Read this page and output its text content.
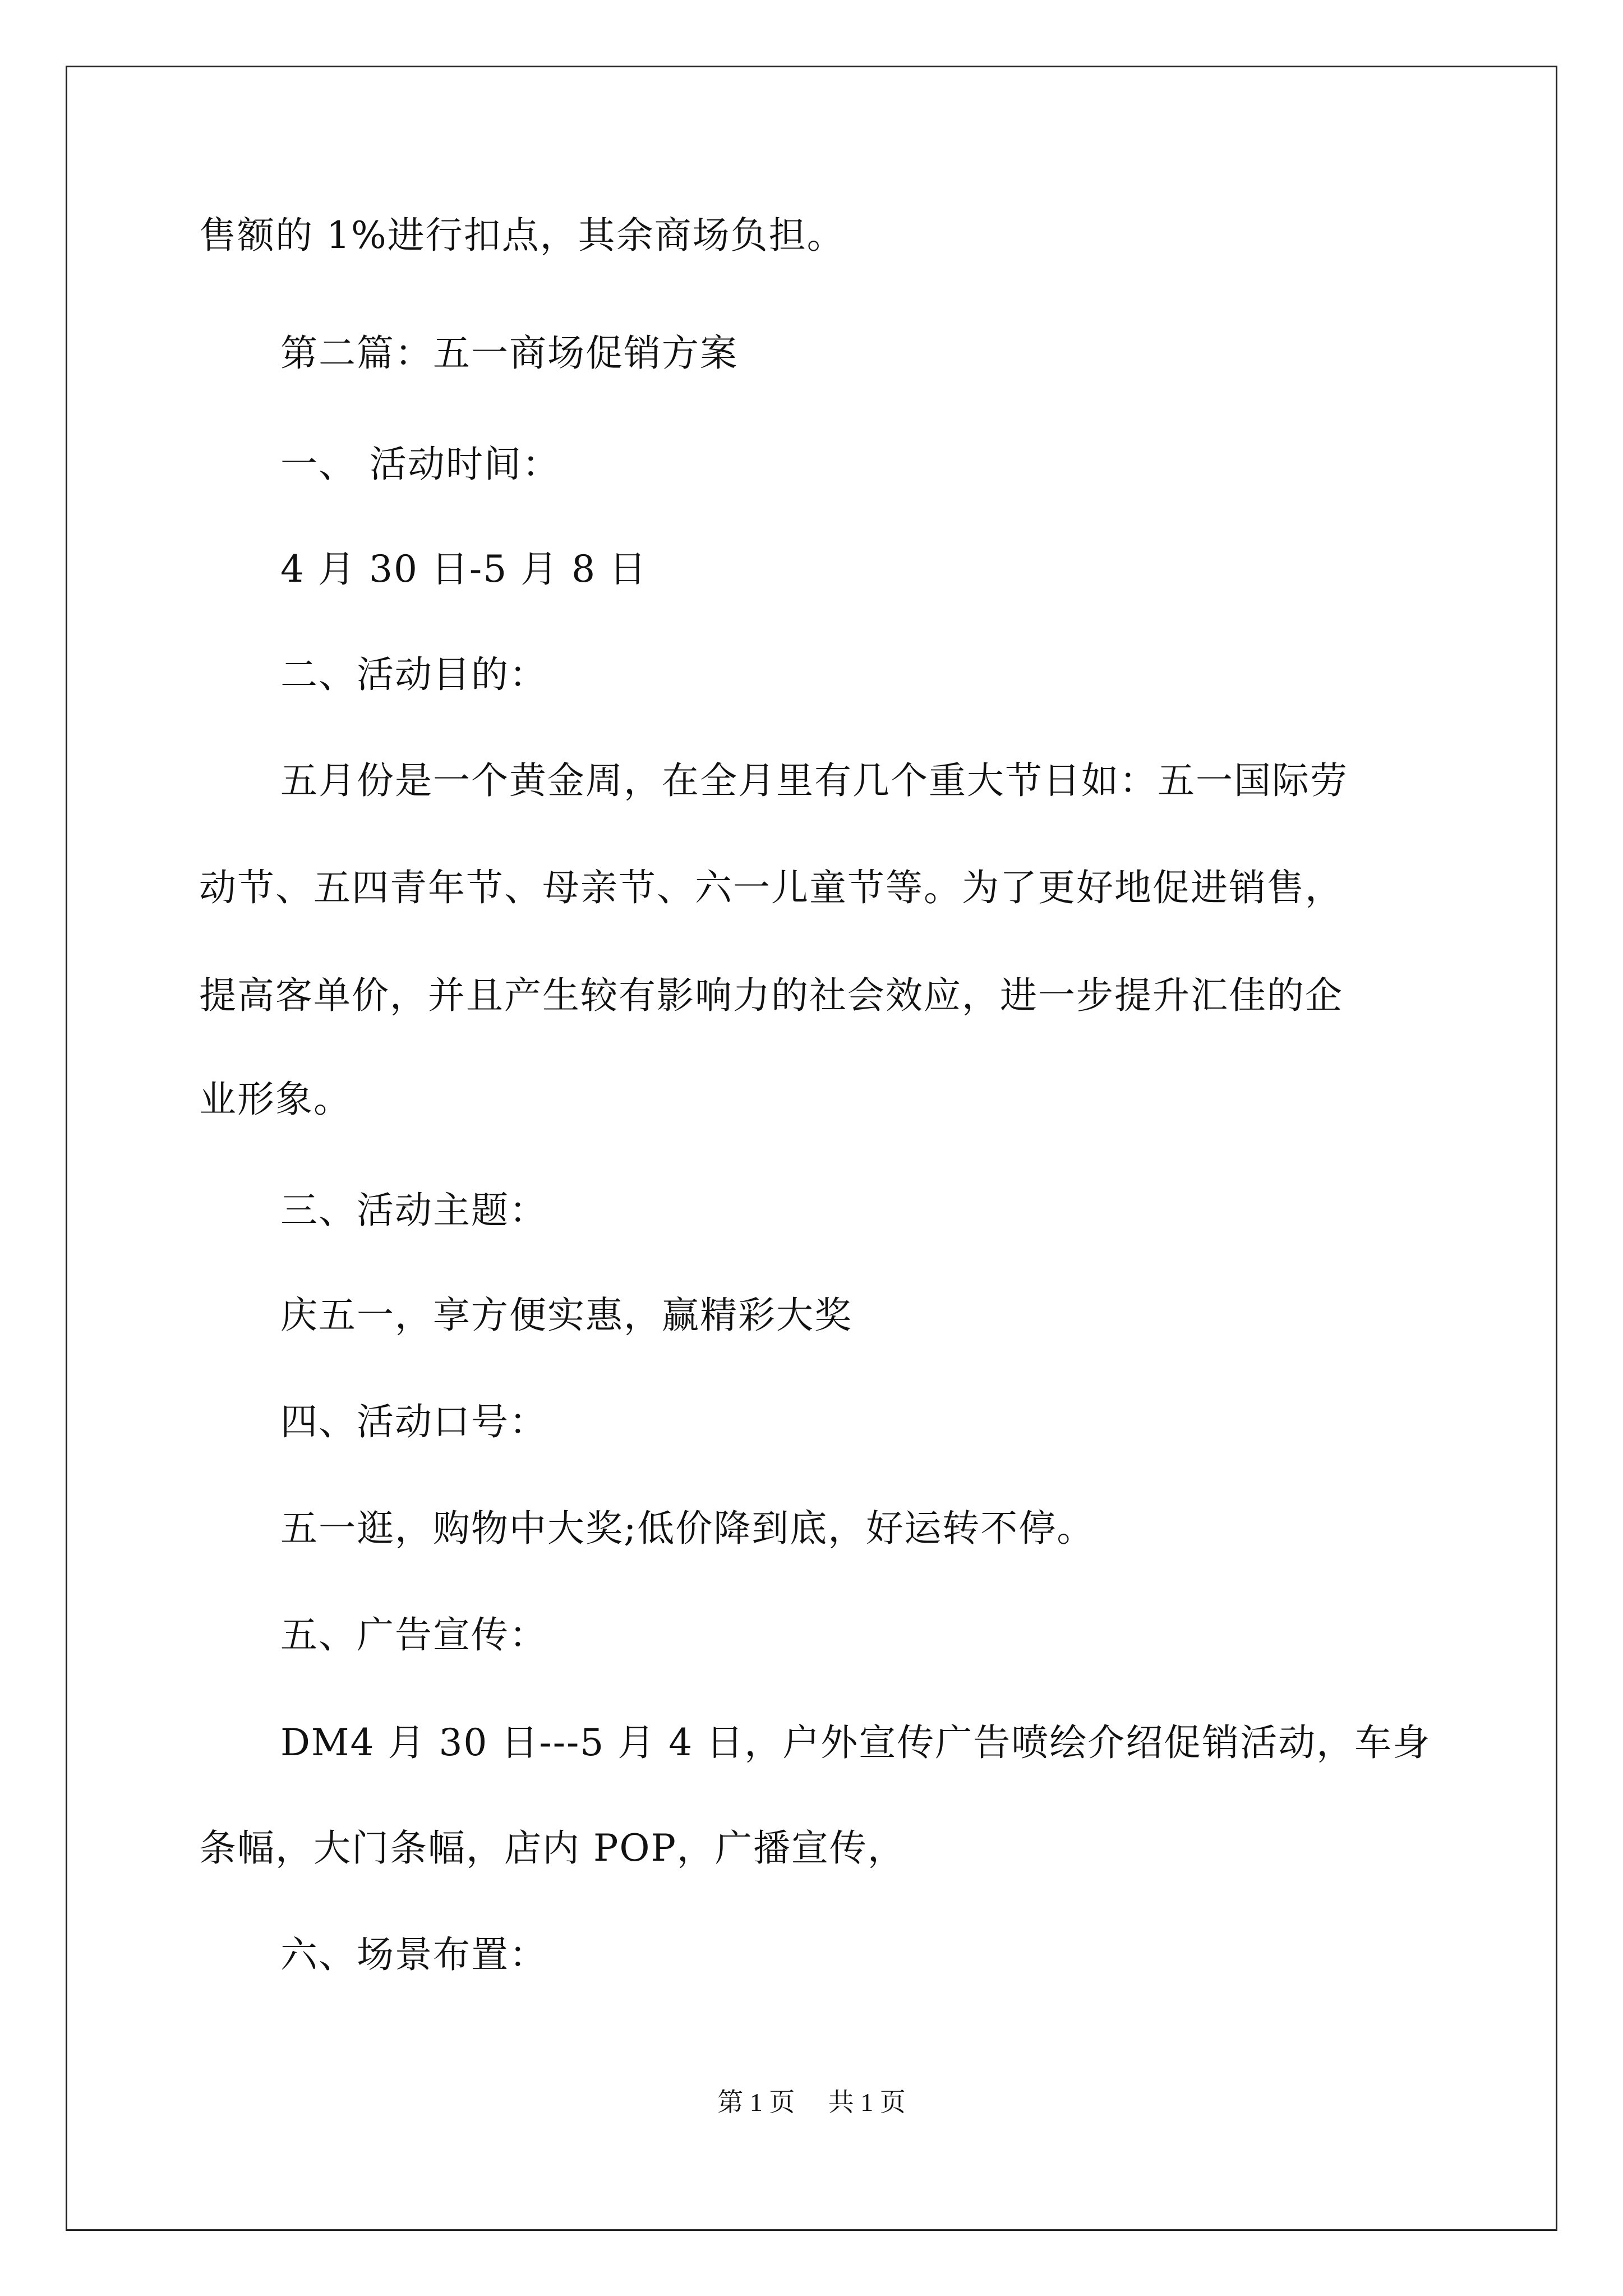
售额的 1%进行扣点，其余商场负担。
第二篇：五一商场促销方案
一、 活动时间：
4 月 30 日-5 月 8 日
二、活动目的：
五月份是一个黄金周，在全月里有几个重大节日如：五一国际劳
动节、五四青年节、母亲节、六一儿童节等。为了更好地促进销售，
提高客单价，并且产生较有影响力的社会效应，进一步提升汇佳的企
业形象。
三、活动主题：
庆五一，享方便实惠，赢精彩大奖
四、活动口号：
五一逛，购物中大奖;低价降到底，好运转不停。
五、广告宣传：
DM4 月 30 日---5 月 4 日，户外宣传广告喷绘介绍促销活动，车身
条幅，大门条幅，店内 POP，广播宣传，
六、场景布置：
第 1 页 共 1 页
